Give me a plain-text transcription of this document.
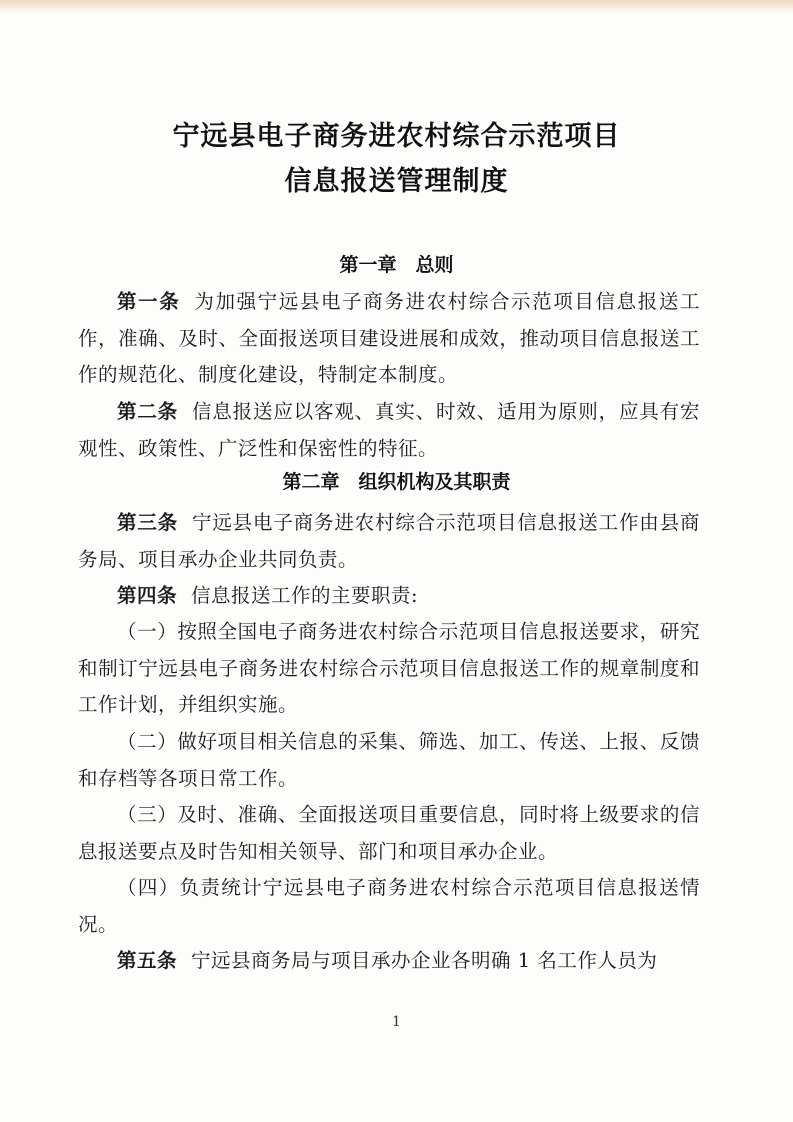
宁远县电子商务进农村综合示范项目
信息报送管理制度
第一章　总则
第一条 为加强宁远县电子商务进农村综合示范项目信息报送工作，准确、及时、全面报送项目建设进展和成效，推动项目信息报送工作的规范化、制度化建设，特制定本制度。
第二条 信息报送应以客观、真实、时效、适用为原则，应具有宏观性、政策性、广泛性和保密性的特征。
第二章　组织机构及其职责
第三条 宁远县电子商务进农村综合示范项目信息报送工作由县商务局、项目承办企业共同负责。
第四条 信息报送工作的主要职责:
（一）按照全国电子商务进农村综合示范项目信息报送要求，研究和制订宁远县电子商务进农村综合示范项目信息报送工作的规章制度和工作计划，并组织实施。
（二）做好项目相关信息的采集、筛选、加工、传送、上报、反馈和存档等各项日常工作。
（三）及时、准确、全面报送项目重要信息，同时将上级要求的信息报送要点及时告知相关领导、部门和项目承办企业。
（四）负责统计宁远县电子商务进农村综合示范项目信息报送情况。
第五条 宁远县商务局与项目承办企业各明确 1 名工作人员为
1
